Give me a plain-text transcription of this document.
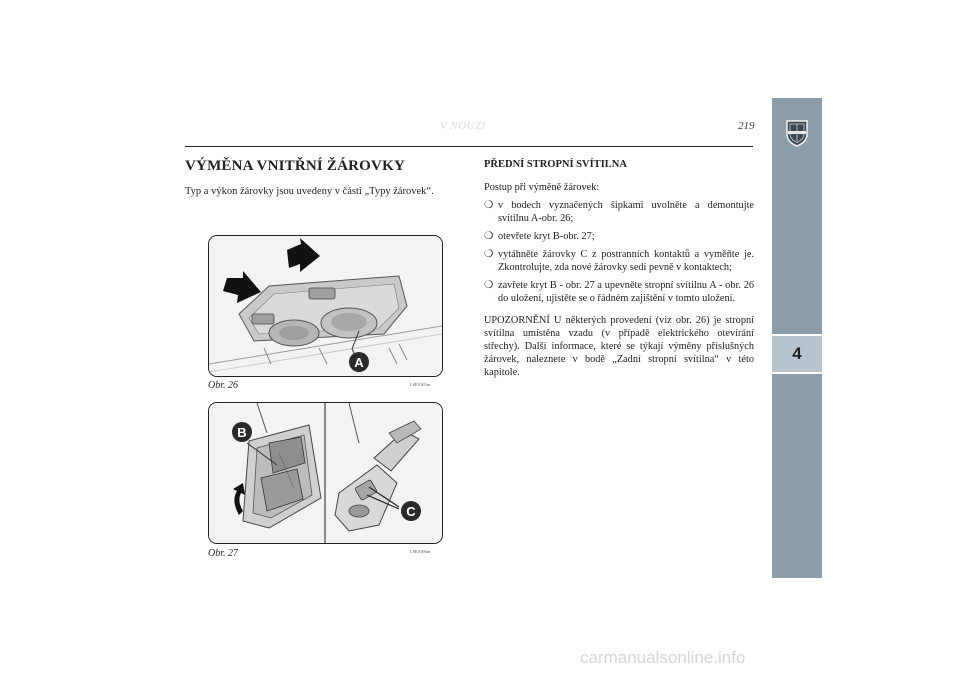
V NOUZI	219
4
VÝMĚNA VNITŘNÍ ŽÁROVKY

Typ a výkon žárovky jsou uvedeny v části „Typy žárovek“.

A
Obr. 26	L0E0165m
B
C
Obr. 27	L0E0166m
PŘEDNÍ STROPNÍ SVÍTILNA

Postup při výměně žárovek:

❍ v bodech vyznačených šipkami uvolněte a demontujte svítilnu A-obr. 26;
❍ otevřete kryt B-obr. 27;
❍ vytáhněte žárovky C z postranních kontaktů a vyměňte je. Zkontrolujte, zda nové žárovky sedí pevně v kontaktech;
❍ zavřete kryt B - obr. 27 a upevněte stropní svítilnu A - obr. 26 do uložení, ujistěte se o řádném zajištění v tomto uložení.

UPOZORNĚNÍ U některých provedení (viz obr. 26) je stropní svítilna umístěna vzadu (v případě elektrického otevírání střechy). Další informace, které se týkají výměny příslušných žárovek, naleznete v bodě „Zadní stropní svítilna“ v této kapitole.

carmanualsonline.info
